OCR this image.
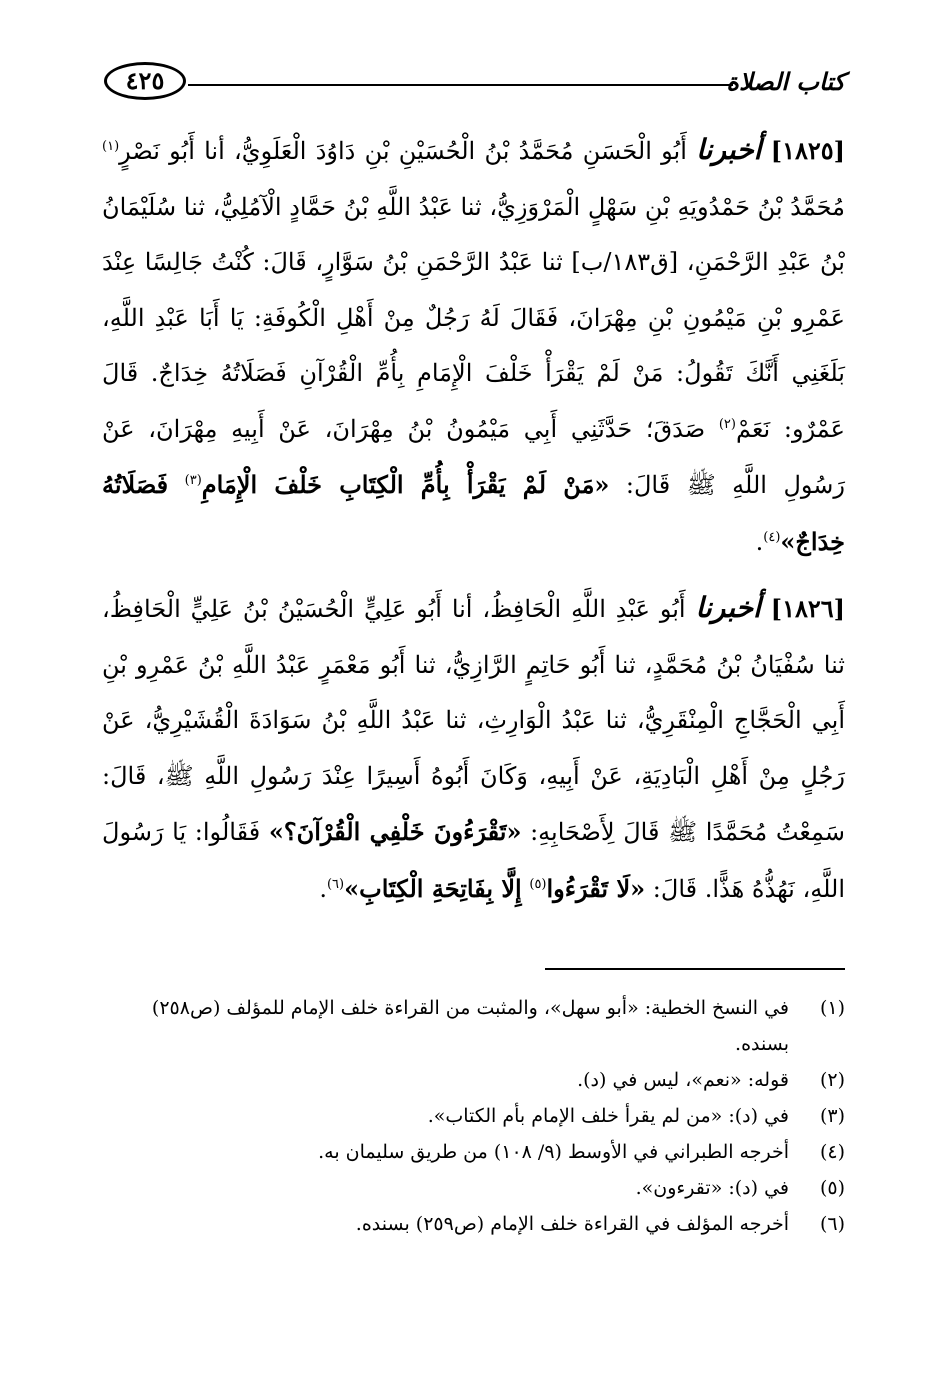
٤٢٥	كتاب الصلاة

[١٨٢٥] أخبرنا أَبُو الْحَسَنِ مُحَمَّدُ بْنُ الْحُسَيْنِ بْنِ دَاوُدَ الْعَلَوِيُّ، أنا أَبُو نَصْرٍ$^{(١)}$ مُحَمَّدُ بْنُ حَمْدُويَهِ بْنِ سَهْلٍ الْمَرْوَزِيُّ، ثنا عَبْدُ اللَّهِ بْنُ حَمَّادٍ الْآمُلِيُّ، ثنا سُلَيْمَانُ بْنُ عَبْدِ الرَّحْمَنِ، [ق١٨٣/ب] ثنا عَبْدُ الرَّحْمَنِ بْنُ سَوَّارٍ، قَالَ: كُنْتُ جَالِسًا عِنْدَ عَمْرِو بْنِ مَيْمُونِ بْنِ مِهْرَانَ، فَقَالَ لَهُ رَجُلٌ مِنْ أَهْلِ الْكُوفَةِ: يَا أَبَا عَبْدِ اللَّهِ، بَلَغَنِي أَنَّكَ تَقُولُ: مَنْ لَمْ يَقْرَأْ خَلْفَ الْإِمَامِ بِأُمِّ الْقُرْآنِ فَصَلَاتُهُ خِدَاجٌ. قَالَ عَمْرٌو: نَعَمْ$^{(٢)}$ صَدَقَ؛ حَدَّثَنِي أَبِي مَيْمُونُ بْنُ مِهْرَانَ، عَنْ أَبِيهِ مِهْرَانَ، عَنْ رَسُولِ اللَّهِ ﷺ قَالَ: «مَنْ لَمْ يَقْرَأْ بِأُمِّ الْكِتَابِ خَلْفَ الْإِمَامِ$^{(٣)}$ فَصَلَاتُهُ خِدَاجٌ»$^{(٤)}$.

[١٨٢٦] أخبرنا أَبُو عَبْدِ اللَّهِ الْحَافِظُ، أنا أَبُو عَلِيٍّ الْحُسَيْنُ بْنُ عَلِيٍّ الْحَافِظُ، ثنا سُفْيَانُ بْنُ مُحَمَّدٍ، ثنا أَبُو حَاتِمٍ الرَّازِيُّ، ثنا أَبُو مَعْمَرٍ عَبْدُ اللَّهِ بْنُ عَمْرِو بْنِ أَبِي الْحَجَّاجِ الْمِنْقَرِيُّ، ثنا عَبْدُ الْوَارِثِ، ثنا عَبْدُ اللَّهِ بْنُ سَوَادَةَ الْقُشَيْرِيُّ، عَنْ رَجُلٍ مِنْ أَهْلِ الْبَادِيَةِ، عَنْ أَبِيهِ، وَكَانَ أَبُوهُ أَسِيرًا عِنْدَ رَسُولِ اللَّهِ ﷺ، قَالَ: سَمِعْتُ مُحَمَّدًا ﷺ قَالَ لِأَصْحَابِهِ: «تَقْرَءُونَ خَلْفِي الْقُرْآنَ؟» فَقَالُوا: يَا رَسُولَ اللَّهِ، نَهُذُّهُ هَذًّا. قَالَ: «لَا تَقْرَءُوا$^{(٥)}$ إِلَّا بِفَاتِحَةِ الْكِتَابِ»$^{(٦)}$.

(١)
في النسخ الخطية: «أبو سهل»، والمثبت من القراءة خلف الإمام للمؤلف (ص٢٥٨) بسنده.
(٢)
قوله: «نعم»، ليس في (د).
(٣)
في (د): «من لم يقرأ خلف الإمام بأم الكتاب».
(٤)
أخرجه الطبراني في الأوسط (٩/ ١٠٨) من طريق سليمان به.
(٥)
في (د): «تقرءون».
(٦)
أخرجه المؤلف في القراءة خلف الإمام (ص٢٥٩) بسنده.
